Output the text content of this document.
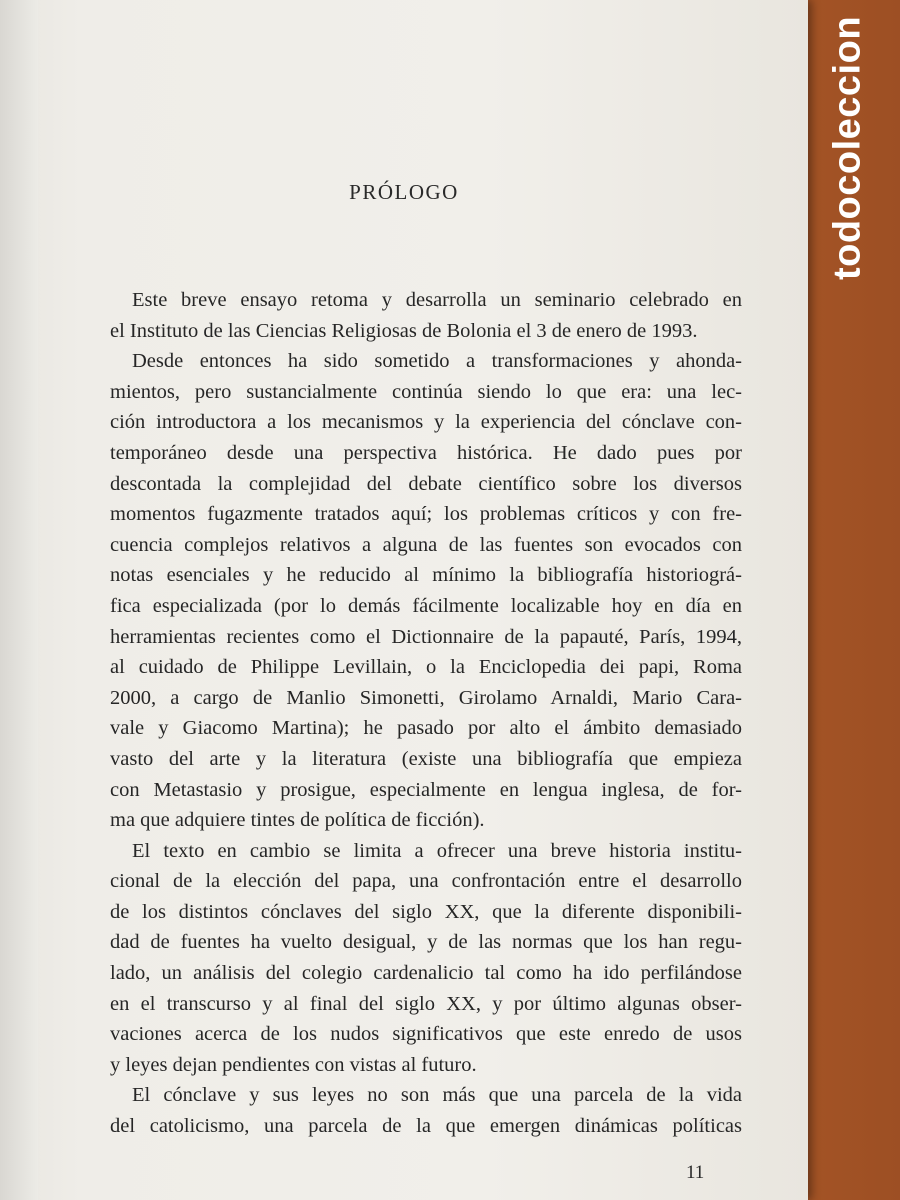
PRÓLOGO
Este breve ensayo retoma y desarrolla un seminario celebrado en
el Instituto de las Ciencias Religiosas de Bolonia el 3 de enero de 1993.
Desde entonces ha sido sometido a transformaciones y ahonda-
mientos, pero sustancialmente continúa siendo lo que era: una lec-
ción introductora a los mecanismos y la experiencia del cónclave con-
temporáneo desde una perspectiva histórica. He dado pues por
descontada la complejidad del debate científico sobre los diversos
momentos fugazmente tratados aquí; los problemas críticos y con fre-
cuencia complejos relativos a alguna de las fuentes son evocados con
notas esenciales y he reducido al mínimo la bibliografía historiográ-
fica especializada (por lo demás fácilmente localizable hoy en día en
herramientas recientes como el Dictionnaire de la papauté, París, 1994,
al cuidado de Philippe Levillain, o la Enciclopedia dei papi, Roma
2000, a cargo de Manlio Simonetti, Girolamo Arnaldi, Mario Cara-
vale y Giacomo Martina); he pasado por alto el ámbito demasiado
vasto del arte y la literatura (existe una bibliografía que empieza
con Metastasio y prosigue, especialmente en lengua inglesa, de for-
ma que adquiere tintes de política de ficción).
El texto en cambio se limita a ofrecer una breve historia institu-
cional de la elección del papa, una confrontación entre el desarrollo
de los distintos cónclaves del siglo XX, que la diferente disponibili-
dad de fuentes ha vuelto desigual, y de las normas que los han regu-
lado, un análisis del colegio cardenalicio tal como ha ido perfilándose
en el transcurso y al final del siglo XX, y por último algunas obser-
vaciones acerca de los nudos significativos que este enredo de usos
y leyes dejan pendientes con vistas al futuro.
El cónclave y sus leyes no son más que una parcela de la vida
del catolicismo, una parcela de la que emergen dinámicas políticas
11
todocoleccion
